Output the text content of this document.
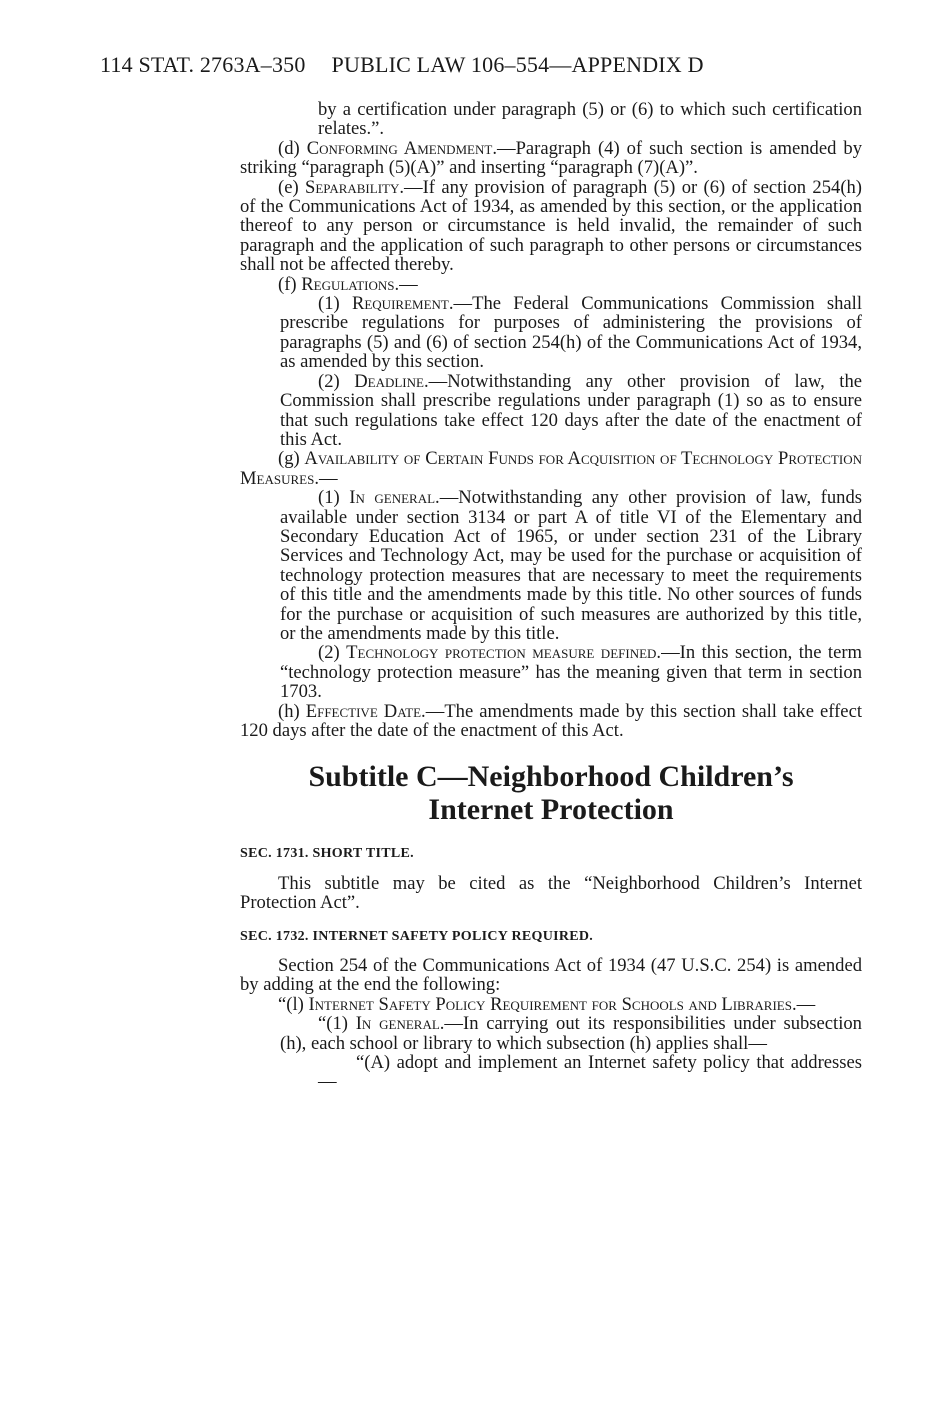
114 STAT. 2763A–350 PUBLIC LAW 106–554—APPENDIX D

by a certification under paragraph (5) or (6) to which such certification relates.”.

(d) Conforming Amendment.—Paragraph (4) of such section is amended by striking “paragraph (5)(A)” and inserting “paragraph (7)(A)”.

(e) Separability.—If any provision of paragraph (5) or (6) of section 254(h) of the Communications Act of 1934, as amended by this section, or the application thereof to any person or circumstance is held invalid, the remainder of such paragraph and the application of such paragraph to other persons or circumstances shall not be affected thereby.

(f) Regulations.—

(1) Requirement.—The Federal Communications Commission shall prescribe regulations for purposes of administering the provisions of paragraphs (5) and (6) of section 254(h) of the Communications Act of 1934, as amended by this section.

(2) Deadline.—Notwithstanding any other provision of law, the Commission shall prescribe regulations under paragraph (1) so as to ensure that such regulations take effect 120 days after the date of the enactment of this Act.

(g) Availability of Certain Funds for Acquisition of Technology Protection Measures.—

(1) In general.—Notwithstanding any other provision of law, funds available under section 3134 or part A of title VI of the Elementary and Secondary Education Act of 1965, or under section 231 of the Library Services and Technology Act, may be used for the purchase or acquisition of technology protection measures that are necessary to meet the requirements of this title and the amendments made by this title. No other sources of funds for the purchase or acquisition of such measures are authorized by this title, or the amendments made by this title.

(2) Technology protection measure defined.—In this section, the term “technology protection measure” has the meaning given that term in section 1703.

(h) Effective Date.—The amendments made by this section shall take effect 120 days after the date of the enactment of this Act.

Subtitle C—Neighborhood Children’s
Internet Protection

SEC. 1731. SHORT TITLE.

This subtitle may be cited as the “Neighborhood Children’s Internet Protection Act”.

SEC. 1732. INTERNET SAFETY POLICY REQUIRED.

Section 254 of the Communications Act of 1934 (47 U.S.C. 254) is amended by adding at the end the following:

“(l) Internet Safety Policy Requirement for Schools and Libraries.—

“(1) In general.—In carrying out its responsibilities under subsection (h), each school or library to which subsection (h) applies shall—

“(A) adopt and implement an Internet safety policy that addresses—
